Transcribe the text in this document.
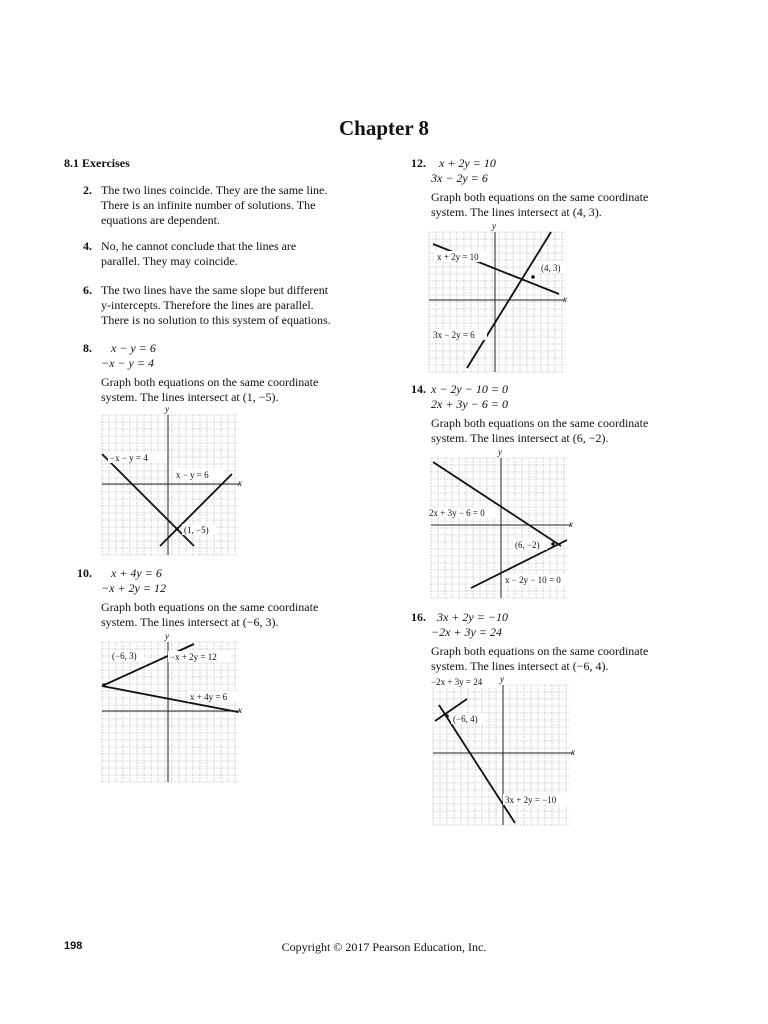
Chapter 8
8.1 Exercises
2. The two lines coincide. They are the same line.
There is an infinite number of solutions. The
equations are dependent.
4. No, he cannot conclude that the lines are
parallel. They may coincide.
6. The two lines have the same slope but different
y-intercepts. Therefore the lines are parallel.
There is no solution to this system of equations.
8.	x − y = 6
−x − y = 4
Graph both equations on the same coordinate
system. The lines intersect at (1, −5).
x
y
−x − y = 4
x − y = 6
(1, −5)
10.	x + 4y = 6
−x + 2y = 12
Graph both equations on the same coordinate
system. The lines intersect at (−6, 3).
x
y
(−6, 3)	−x + 2y = 12
x + 4y = 6
12.	x + 2y = 10
3x − 2y = 6
Graph both equations on the same coordinate
system. The lines intersect at (4, 3).
x
y
x + 2y = 10
(4, 3)
3x − 2y = 6
14. x − 2y − 10 = 0
2x + 3y − 6 = 0
Graph both equations on the same coordinate
system. The lines intersect at (6, −2).
x
y
2x + 3y − 6 = 0
(6, −2)
x − 2y − 10 = 0
16. 3x + 2y = −10
−2x + 3y = 24
Graph both equations on the same coordinate
system. The lines intersect at (−6, 4).
x
y
−2x + 3y = 24
(−6, 4)
3x + 2y = −10
198	Copyright © 2017 Pearson Education, Inc.
